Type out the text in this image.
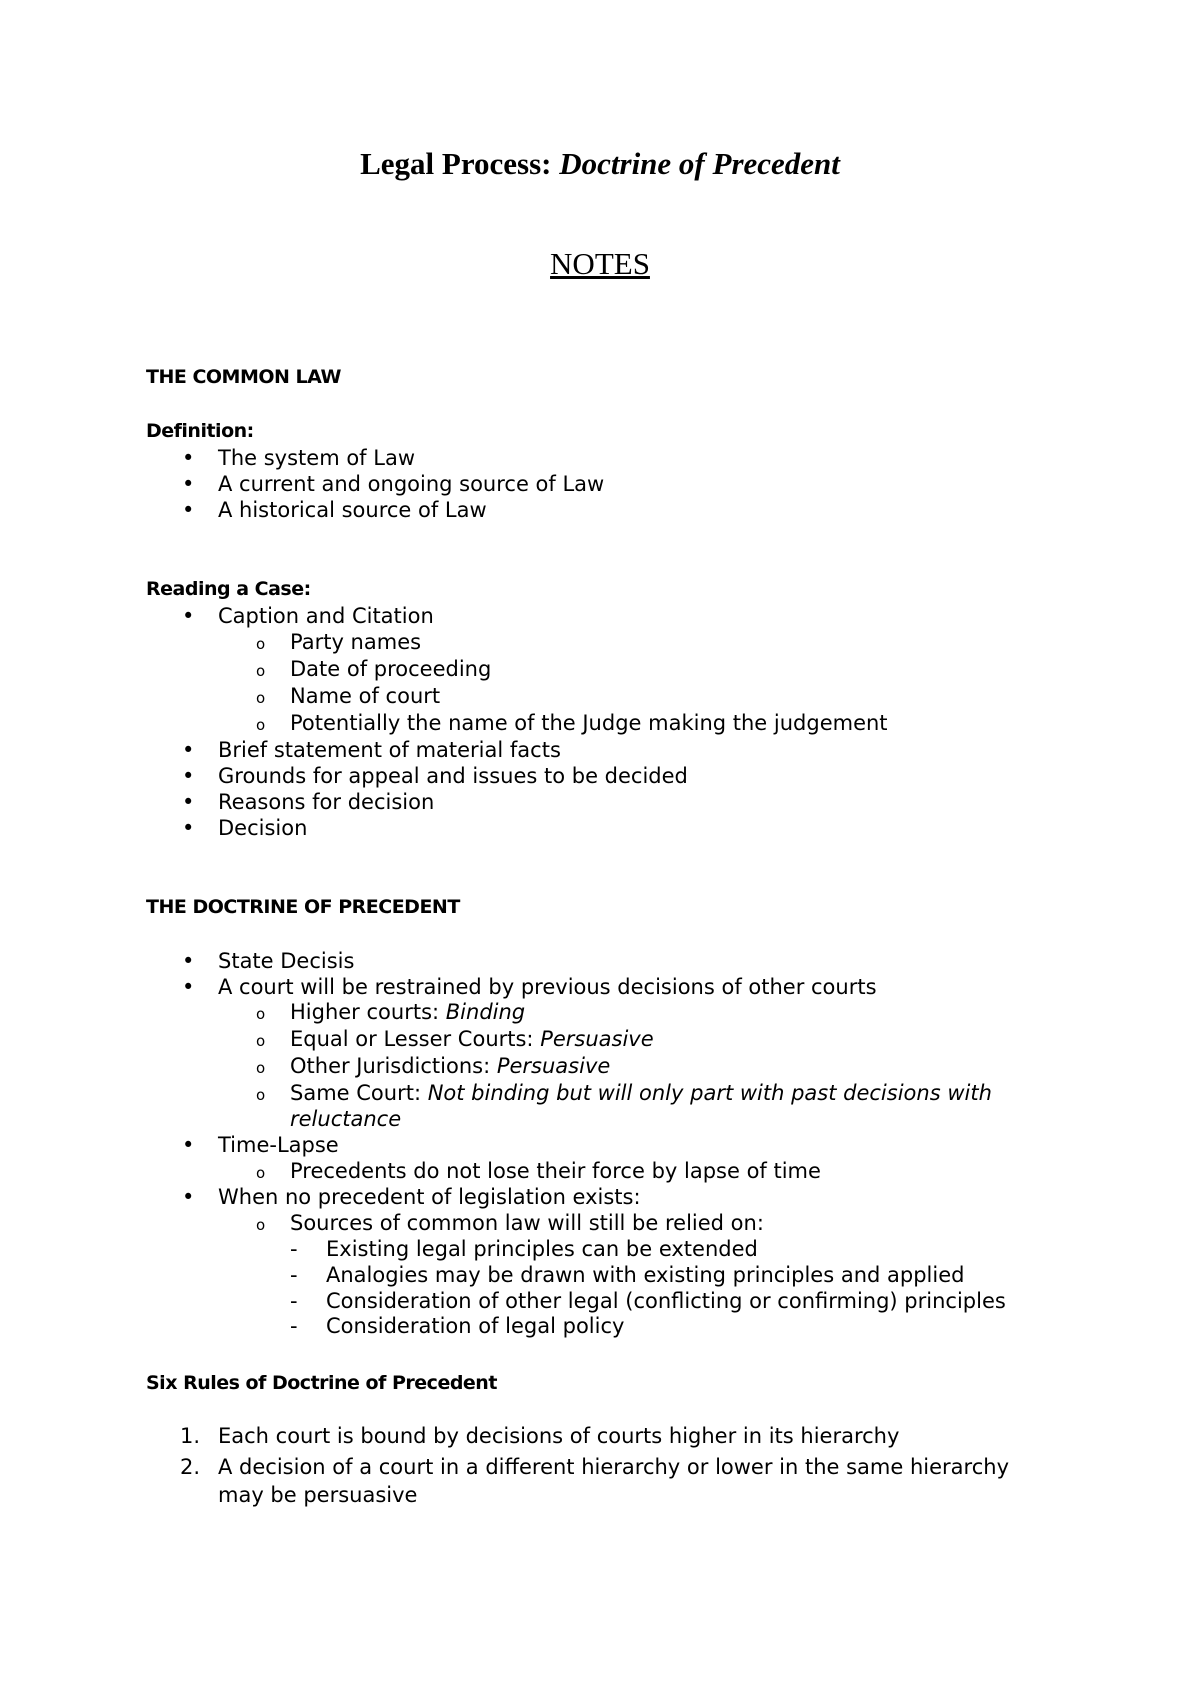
Legal Process: Doctrine of Precedent
NOTES
THE COMMON LAW
Definition:
• The system of Law
• A current and ongoing source of Law
• A historical source of Law
Reading a Case:
• Caption and Citation
o Party names
o Date of proceeding
o Name of court
o Potentially the name of the Judge making the judgement
• Brief statement of material facts
• Grounds for appeal and issues to be decided
• Reasons for decision
• Decision
THE DOCTRINE OF PRECEDENT
• State Decisis
• A court will be restrained by previous decisions of other courts
o Higher courts: Binding
o Equal or Lesser Courts: Persuasive
o Other Jurisdictions: Persuasive
o Same Court: Not binding but will only part with past decisions with
reluctance
• Time-Lapse
o Precedents do not lose their force by lapse of time
• When no precedent of legislation exists:
o Sources of common law will still be relied on:
- Existing legal principles can be extended
- Analogies may be drawn with existing principles and applied
- Consideration of other legal (conflicting or confirming) principles
- Consideration of legal policy
Six Rules of Doctrine of Precedent
1. Each court is bound by decisions of courts higher in its hierarchy
2. A decision of a court in a different hierarchy or lower in the same hierarchy
may be persuasive
